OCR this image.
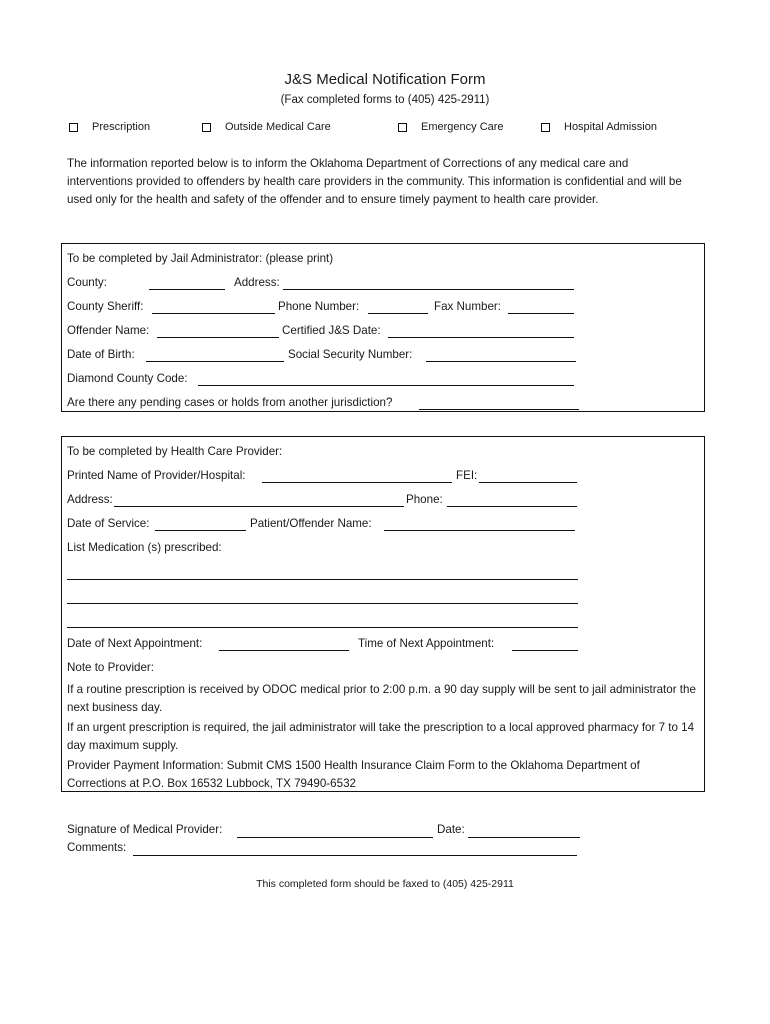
J&S Medical Notification Form
(Fax completed forms to (405) 425-2911)
Prescription	Outside Medical Care	Emergency Care	Hospital Admission
The information reported below is to inform the Oklahoma Department of Corrections of any medical care and interventions provided to offenders by health care providers in the community. This information is confidential and will be used only for the health and safety of the offender and to ensure timely payment to health care provider.
To be completed by Jail Administrator: (please print)
County:	Address:
County Sheriff:	Phone Number:	Fax Number:
Offender Name:	Certified J&S Date:
Date of Birth:	Social Security Number:
Diamond County Code:
Are there any pending cases or holds from another jurisdiction?
To be completed by Health Care Provider:
Printed Name of Provider/Hospital:	FEI:
Address:	Phone:
Date of Service:	Patient/Offender Name:
List Medication (s) prescribed:
Date of Next Appointment:	Time of Next Appointment:
Note to Provider:
If a routine prescription is received by ODOC medical prior to 2:00 p.m. a 90 day supply will be sent to jail administrator the next business day.
If an urgent prescription is required, the jail administrator will take the prescription to a local approved pharmacy for 7 to 14 day maximum supply.
Provider Payment Information: Submit CMS 1500 Health Insurance Claim Form to the Oklahoma Department of Corrections at P.O. Box 16532 Lubbock, TX 79490-6532
Signature of Medical Provider:	Date:
Comments:
This completed form should be faxed to (405) 425-2911
